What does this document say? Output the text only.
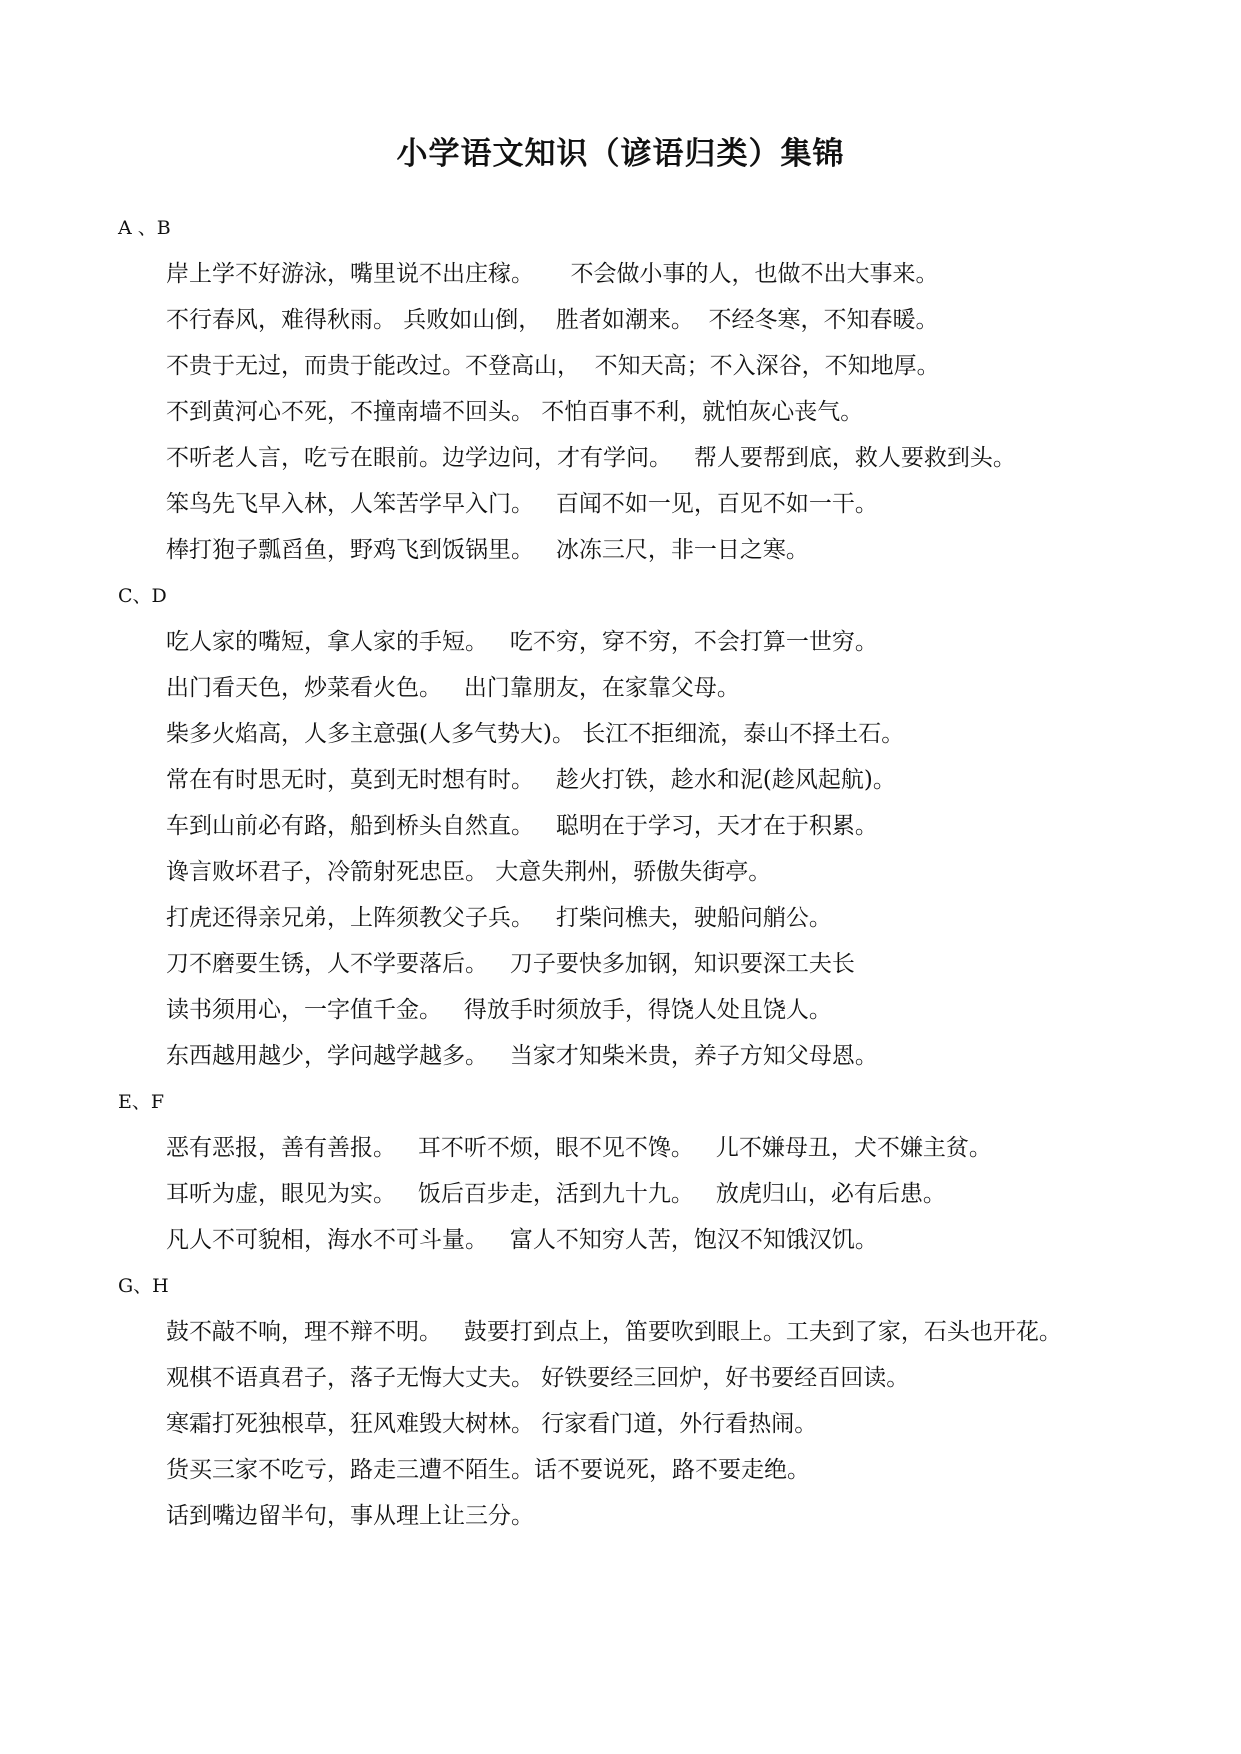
小学语文知识（谚语归类）集锦

A 、B

岸上学不好游泳，嘴里说不出庄稼。     不会做小事的人，也做不出大事来。

不行春风，难得秋雨。 兵败如山倒，  胜者如潮来。  不经冬寒，不知春暖。

不贵于无过，而贵于能改过。不登高山，  不知天高；不入深谷，不知地厚。

不到黄河心不死，不撞南墙不回头。 不怕百事不利，就怕灰心丧气。

不听老人言，吃亏在眼前。边学边问，才有学问。   帮人要帮到底，救人要救到头。

笨鸟先飞早入林，人笨苦学早入门。   百闻不如一见，百见不如一干。

棒打狍子瓢舀鱼，野鸡飞到饭锅里。   冰冻三尺，非一日之寒。

C、D

吃人家的嘴短，拿人家的手短。   吃不穷，穿不穷，不会打算一世穷。

出门看天色，炒菜看火色。   出门靠朋友，在家靠父母。

柴多火焰高，人多主意强(人多气势大)。 长江不拒细流，泰山不择土石。

常在有时思无时，莫到无时想有时。   趁火打铁，趁水和泥(趁风起航)。

车到山前必有路，船到桥头自然直。   聪明在于学习，天才在于积累。

谗言败坏君子，冷箭射死忠臣。 大意失荆州，骄傲失街亭。

打虎还得亲兄弟，上阵须教父子兵。   打柴问樵夫，驶船问艄公。

刀不磨要生锈，人不学要落后。   刀子要快多加钢，知识要深工夫长

读书须用心，一字值千金。   得放手时须放手，得饶人处且饶人。

东西越用越少，学问越学越多。   当家才知柴米贵，养子方知父母恩。

E、F

恶有恶报，善有善报。   耳不听不烦，眼不见不馋。   儿不嫌母丑，犬不嫌主贫。

耳听为虚，眼见为实。   饭后百步走，活到九十九。   放虎归山，必有后患。

凡人不可貌相，海水不可斗量。   富人不知穷人苦，饱汉不知饿汉饥。

G、H

鼓不敲不响，理不辩不明。   鼓要打到点上，笛要吹到眼上。工夫到了家，石头也开花。

观棋不语真君子，落子无悔大丈夫。 好铁要经三回炉，好书要经百回读。

寒霜打死独根草，狂风难毁大树林。 行家看门道，外行看热闹。

货买三家不吃亏，路走三遭不陌生。话不要说死，路不要走绝。

话到嘴边留半句，事从理上让三分。
